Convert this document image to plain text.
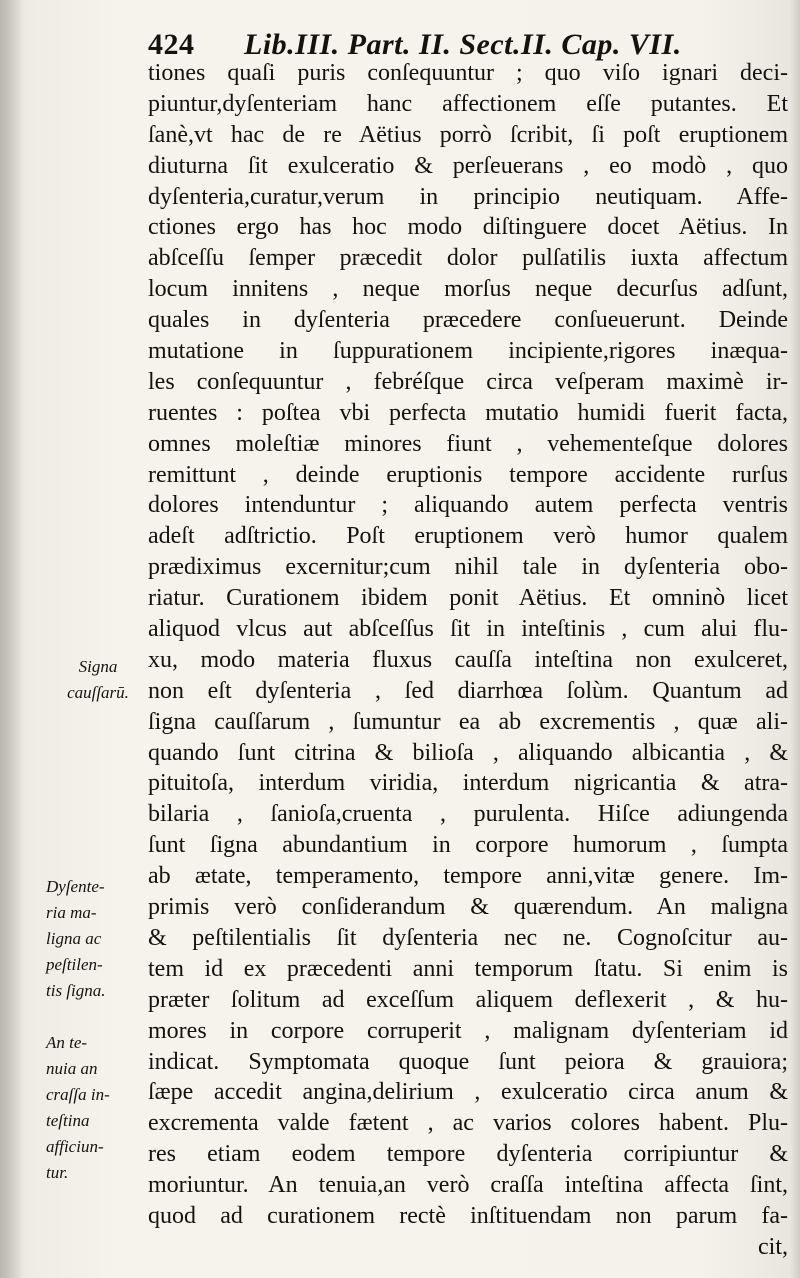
424 Lib.III. Part. II. Sect.II. Cap. VII.
tiones quaſi puris conſequuntur ; quo viſo ignari deci-
piuntur,dyſenteriam hanc affectionem eſſe putantes. Et
ſanè,vt hac de re Aëtius porrò ſcribit, ſi poſt eruptionem
diuturna ſit exulceratio & perſeuerans , eo modò , quo
dyſenteria,curatur,verum in principio neutiquam. Affe-
ctiones ergo has hoc modo diſtinguere docet Aëtius. In
abſceſſu ſemper præcedit dolor pulſatilis iuxta affectum
locum innitens , neque morſus neque decurſus adſunt,
quales in dyſenteria præcedere conſueuerunt. Deinde
mutatione in ſuppurationem incipiente,rigores inæqua-
les conſequuntur , febréſque circa veſperam maximè ir-
ruentes : poſtea vbi perfecta mutatio humidi fuerit facta,
omnes moleſtiæ minores fiunt , vehementeſque dolores
remittunt , deinde eruptionis tempore accidente rurſus
dolores intenduntur ; aliquando autem perfecta ventris
adeſt adſtrictio. Poſt eruptionem verò humor qualem
prædiximus excernitur;cum nihil tale in dyſenteria obo-
riatur. Curationem ibidem ponit Aëtius. Et omninò licet
aliquod vlcus aut abſceſſus ſit in inteſtinis , cum alui flu-
xu, modo materia fluxus cauſſa inteſtina non exulceret,
non eſt dyſenteria , ſed diarrhœa ſolùm. Quantum ad
ſigna cauſſarum , ſumuntur ea ab excrementis , quæ ali-
quando ſunt citrina & bilioſa , aliquando albicantia , &
pituitoſa, interdum viridia, interdum nigricantia & atra-
bilaria , ſanioſa,cruenta , purulenta. Hiſce adiungenda
ſunt ſigna abundantium in corpore humorum , ſumpta
ab ætate, temperamento, tempore anni,vitæ genere. Im-
primis verò conſiderandum & quærendum. An maligna
& peſtilentialis ſit dyſenteria nec ne. Cognoſcitur au-
tem id ex præcedenti anni temporum ſtatu. Si enim is
præter ſolitum ad exceſſum aliquem deflexerit , & hu-
mores in corpore corruperit , malignam dyſenteriam id
indicat. Symptomata quoque ſunt peiora & grauiora;
ſæpe accedit angina,delirium , exulceratio circa anum &
excrementa valde fætent , ac varios colores habent. Plu-
res etiam eodem tempore dyſenteria corripiuntur &
moriuntur. An tenuia,an verò craſſa inteſtina affecta ſint,
quod ad curationem rectè inſtituendam non parum fa-
cit,
Signa
cauſſarū.
Dyſente-
ria ma-
ligna ac
peſtilen-
tis ſigna.
An te-
nuia an
craſſa in-
teſtina
afficiun-
tur.
